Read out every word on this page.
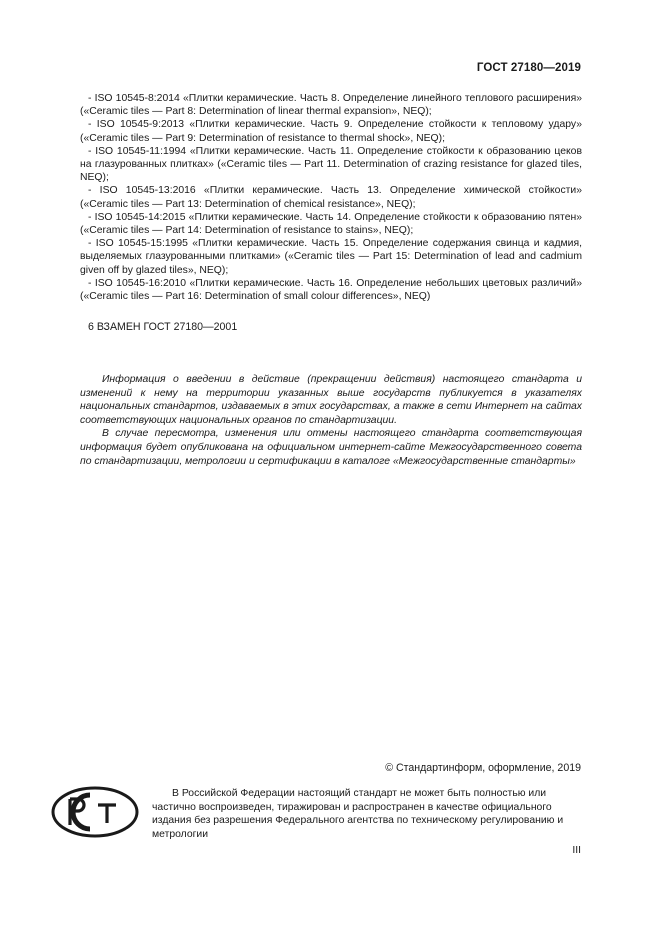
ГОСТ 27180—2019

- ISO 10545-8:2014 «Плитки керамические. Часть 8. Определение линейного теплового расширения» («Ceramic tiles — Part 8: Determination of linear thermal expansion», NEQ);

- ISO 10545-9:2013 «Плитки керамические. Часть 9. Определение стойкости к тепловому удару» («Ceramic tiles — Part 9: Determination of resistance to thermal shock», NEQ);

- ISO 10545-11:1994 «Плитки керамические. Часть 11. Определение стойкости к образованию цеков на глазурованных плитках» («Ceramic tiles — Part 11. Determination of crazing resistance for glazed tiles, NEQ);

- ISO 10545-13:2016 «Плитки керамические. Часть 13. Определение химической стойкости» («Ceramic tiles — Part 13: Determination of chemical resistance», NEQ);

- ISO 10545-14:2015 «Плитки керамические. Часть 14. Определение стойкости к образованию пятен» («Ceramic tiles — Part 14: Determination of resistance to stains», NEQ);

- ISO 10545-15:1995 «Плитки керамические. Часть 15. Определение содержания свинца и кадмия, выделяемых глазурованными плитками» («Ceramic tiles — Part 15: Determination of lead and cadmium given off by glazed tiles», NEQ);

- ISO 10545-16:2010 «Плитки керамические. Часть 16. Определение небольших цветовых различий» («Ceramic tiles — Part 16: Determination of small colour differences», NEQ)

6 ВЗАМЕН ГОСТ 27180—2001

Информация о введении в действие (прекращении действия) настоящего стандарта и изменений к нему на территории указанных выше государств публикуется в указателях национальных стандартов, издаваемых в этих государствах, а также в сети Интернет на сайтах соответствующих национальных органов по стандартизации.

В случае пересмотра, изменения или отмены настоящего стандарта соответствующая информация будет опубликована на официальном интернет-сайте Межгосударственного совета по стандартизации, метрологии и сертификации в каталоге «Межгосударственные стандарты»

© Стандартинформ, оформление, 2019
В Российской Федерации настоящий стандарт не может быть полностью или частично воспроизведен, тиражирован и распространен в качестве официального издания без разрешения Федерального агентства по техническому регулированию и метрологии
III
